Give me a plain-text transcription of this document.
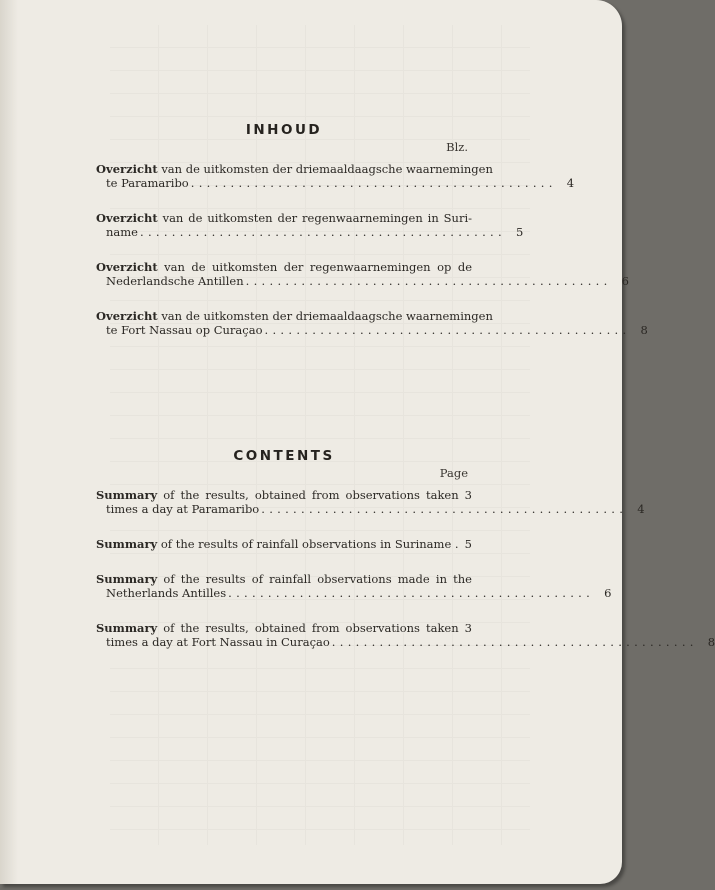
INHOUD

Blz.

Overzicht van de uitkomsten der driemaaldaagsche waarnemingen
te Paramaribo .............................................. 4
Overzicht van de uitkomsten der regenwaarnemingen in Suri-
name .............................................. 5
Overzicht van de uitkomsten der regenwaarnemingen op de
Nederlandsche Antillen .............................................. 6
Overzicht van de uitkomsten der driemaaldaagsche waarnemingen
te Fort Nassau op Curaçao .............................................. 8
CONTENTS

Page

Summary of the results, obtained from observations taken 3
times a day at Paramaribo .............................................. 4
Summary of the results of rainfall observations in Suriname . 5
Summary of the results of rainfall observations made in the
Netherlands Antilles .............................................. 6
Summary of the results, obtained from observations taken 3
times a day at Fort Nassau in Curaçao .............................................. 8
